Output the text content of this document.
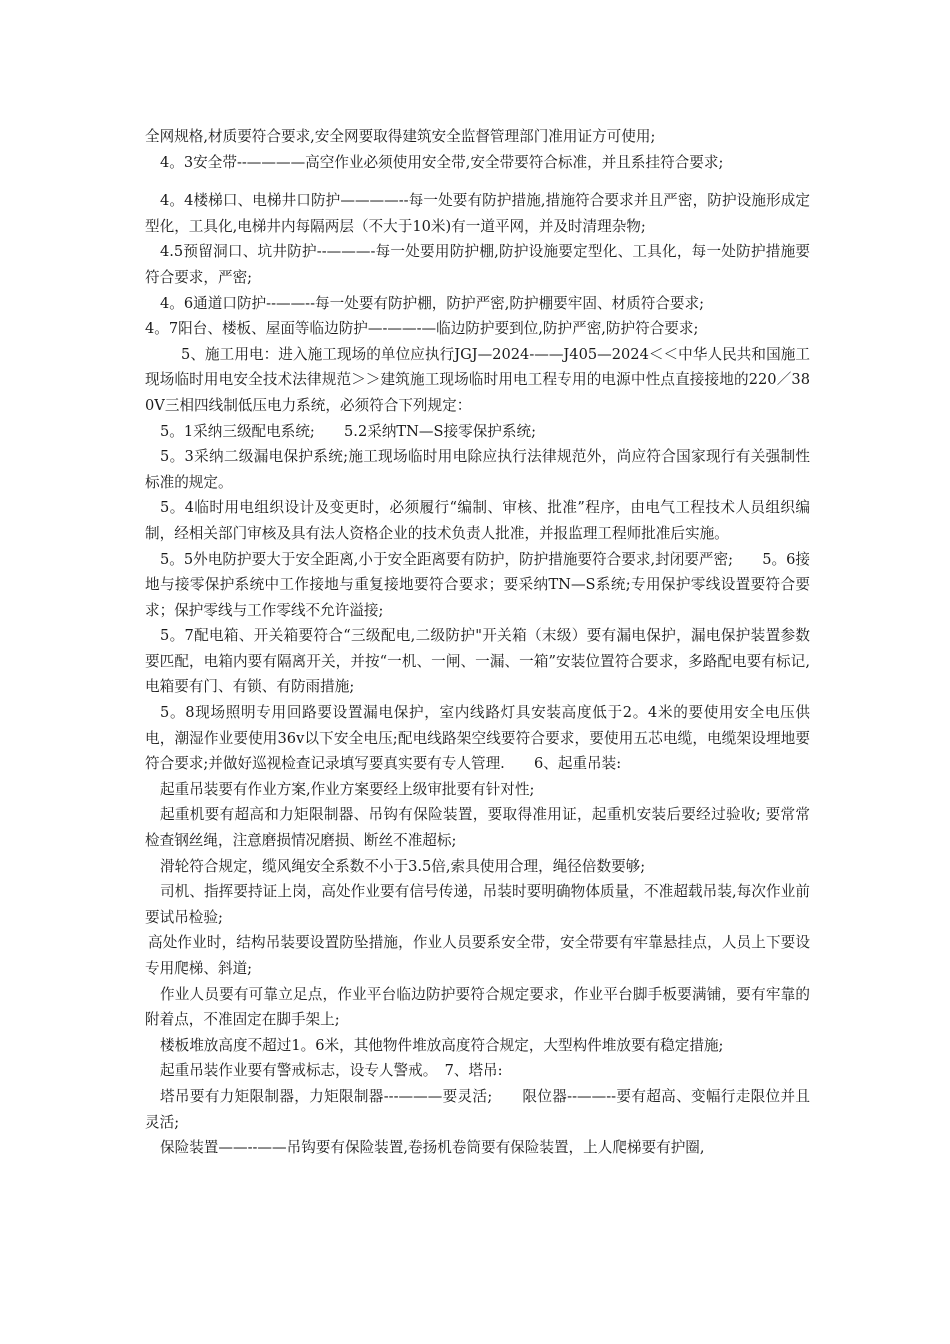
全网规格,材质要符合要求,安全网要取得建筑安全监督管理部门准用证方可使用;

4。3安全带--————高空作业必须使用安全带,安全带要符合标准，并且系挂符合要求;

4。4楼梯口、电梯井口防护————--每一处要有防护措施,措施符合要求并且严密，防护设施形成定型化，工具化,电梯井内每隔两层（不大于10米)有一道平网，并及时清理杂物;

4.5预留洞口、坑井防护--———-每一处要用防护棚,防护设施要定型化、工具化，每一处防护措施要符合要求，严密;

4。6通道口防护--——--每一处要有防护棚，防护严密,防护棚要牢固、材质符合要求;

4。7阳台、楼板、屋面等临边防护—-——-—临边防护要到位,防护严密,防护符合要求;

5、施工用电：进入施工现场的单位应执行JGJ—2024-——J405—2024＜＜中华人民共和国施工现场临时用电安全技术法律规范＞＞建筑施工现场临时用电工程专用的电源中性点直接接地的220／380V三相四线制低压电力系统，必须符合下列规定：

5。1采纳三级配电系统;　　5.2采纳TN—S接零保护系统;

5。3采纳二级漏电保护系统;施工现场临时用电除应执行法律规范外，尚应符合国家现行有关强制性标准的规定。

5。4临时用电组织设计及变更时，必须履行“编制、审核、批准”程序，由电气工程技术人员组织编制，经相关部门审核及具有法人资格企业的技术负责人批准，并报监理工程师批准后实施。

5。5外电防护要大于安全距离,小于安全距离要有防护，防护措施要符合要求,封闭要严密;　　5。6接地与接零保护系统中工作接地与重复接地要符合要求；要采纳TN—S系统;专用保护零线设置要符合要求；保护零线与工作零线不允许溢接;

5。7配电箱、开关箱要符合“三级配电,二级防护"开关箱（末级）要有漏电保护，漏电保护装置参数要匹配，电箱内要有隔离开关，并按“一机、一闸、一漏、一箱”安装位置符合要求，多路配电要有标记,电箱要有门、有锁、有防雨措施;

5。8现场照明专用回路要设置漏电保护，室内线路灯具安装高度低于2。4米的要使用安全电压供电，潮湿作业要使用36v以下安全电压;配电线路架空线要符合要求，要使用五芯电缆，电缆架设埋地要符合要求;并做好巡视检查记录填写要真实要有专人管理.　　6、起重吊装:

起重吊装要有作业方案,作业方案要经上级审批要有针对性;

起重机要有超高和力矩限制器、吊钩有保险装置，要取得准用证，起重机安装后要经过验收; 要常常检查钢丝绳，注意磨损情况磨损、断丝不准超标;

滑轮符合规定，缆风绳安全系数不小于3.5倍,索具使用合理，绳径倍数要够;

司机、指挥要持证上岗，高处作业要有信号传递，吊装时要明确物体质量，不准超载吊装,每次作业前要试吊检验;

高处作业时，结构吊装要设置防坠措施，作业人员要系安全带，安全带要有牢靠悬挂点，人员上下要设专用爬梯、斜道;

作业人员要有可靠立足点，作业平台临边防护要符合规定要求，作业平台脚手板要满铺，要有牢靠的附着点，不准固定在脚手架上;

楼板堆放高度不超过1。6米，其他物件堆放高度符合规定，大型构件堆放要有稳定措施;

起重吊装作业要有警戒标志，设专人警戒。　7、塔吊:

塔吊要有力矩限制器，力矩限制器---———要灵活;　　限位器--——--要有超高、变幅行走限位并且灵活;

保险装置——--——吊钩要有保险装置,卷扬机卷筒要有保险装置，上人爬梯要有护圈,
